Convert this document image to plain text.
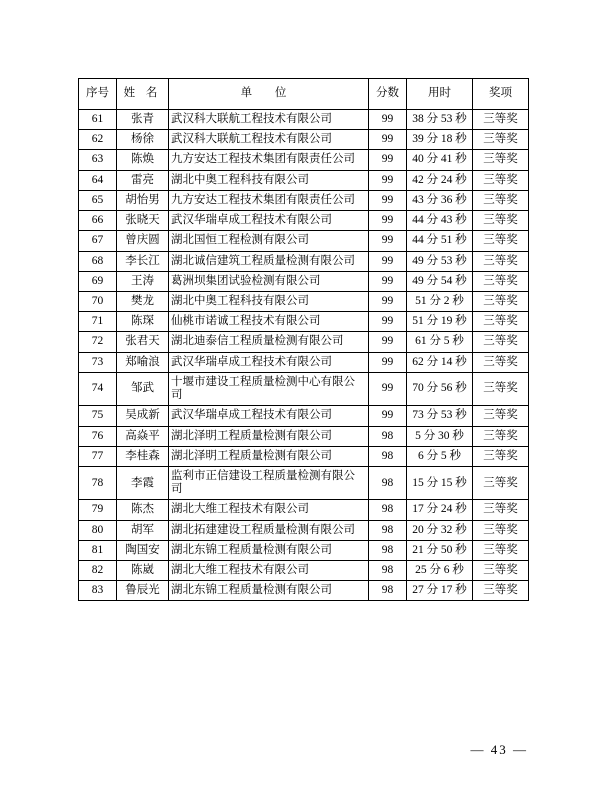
序号	姓 名	单 位	分数	用时	奖项
61	张青	武汉科大联航工程技术有限公司	99	38 分 53 秒	三等奖
62	杨徐	武汉科大联航工程技术有限公司	99	39 分 18 秒	三等奖
63	陈焕	九方安达工程技术集团有限责任公司	99	40 分 41 秒	三等奖
64	雷亮	湖北中奥工程科技有限公司	99	42 分 24 秒	三等奖
65	胡怡男	九方安达工程技术集团有限责任公司	99	43 分 36 秒	三等奖
66	张晓天	武汉华瑞卓成工程技术有限公司	99	44 分 43 秒	三等奖
67	曾庆圆	湖北国恒工程检测有限公司	99	44 分 51 秒	三等奖
68	李长江	湖北诚信建筑工程质量检测有限公司	99	49 分 53 秒	三等奖
69	王涛	葛洲坝集团试验检测有限公司	99	49 分 54 秒	三等奖
70	樊龙	湖北中奥工程科技有限公司	99	51 分 2 秒	三等奖
71	陈琛	仙桃市诺诚工程技术有限公司	99	51 分 19 秒	三等奖
72	张君天	湖北迪泰信工程质量检测有限公司	99	61 分 5 秒	三等奖
73	郑喻浪	武汉华瑞卓成工程技术有限公司	99	62 分 14 秒	三等奖
74	邹武	十堰市建设工程质量检测中心有限公司	99	70 分 56 秒	三等奖
75	吴成新	武汉华瑞卓成工程技术有限公司	99	73 分 53 秒	三等奖
76	高焱平	湖北泽明工程质量检测有限公司	98	5 分 30 秒	三等奖
77	李桂森	湖北泽明工程质量检测有限公司	98	6 分 5 秒	三等奖
78	李霞	监利市正信建设工程质量检测有限公司	98	15 分 15 秒	三等奖
79	陈杰	湖北大维工程技术有限公司	98	17 分 24 秒	三等奖
80	胡军	湖北拓建建设工程质量检测有限公司	98	20 分 32 秒	三等奖
81	陶国安	湖北东锦工程质量检测有限公司	98	21 分 50 秒	三等奖
82	陈崴	湖北大维工程技术有限公司	98	25 分 6 秒	三等奖
83	鲁辰光	湖北东锦工程质量检测有限公司	98	27 分 17 秒	三等奖
— 43 —
